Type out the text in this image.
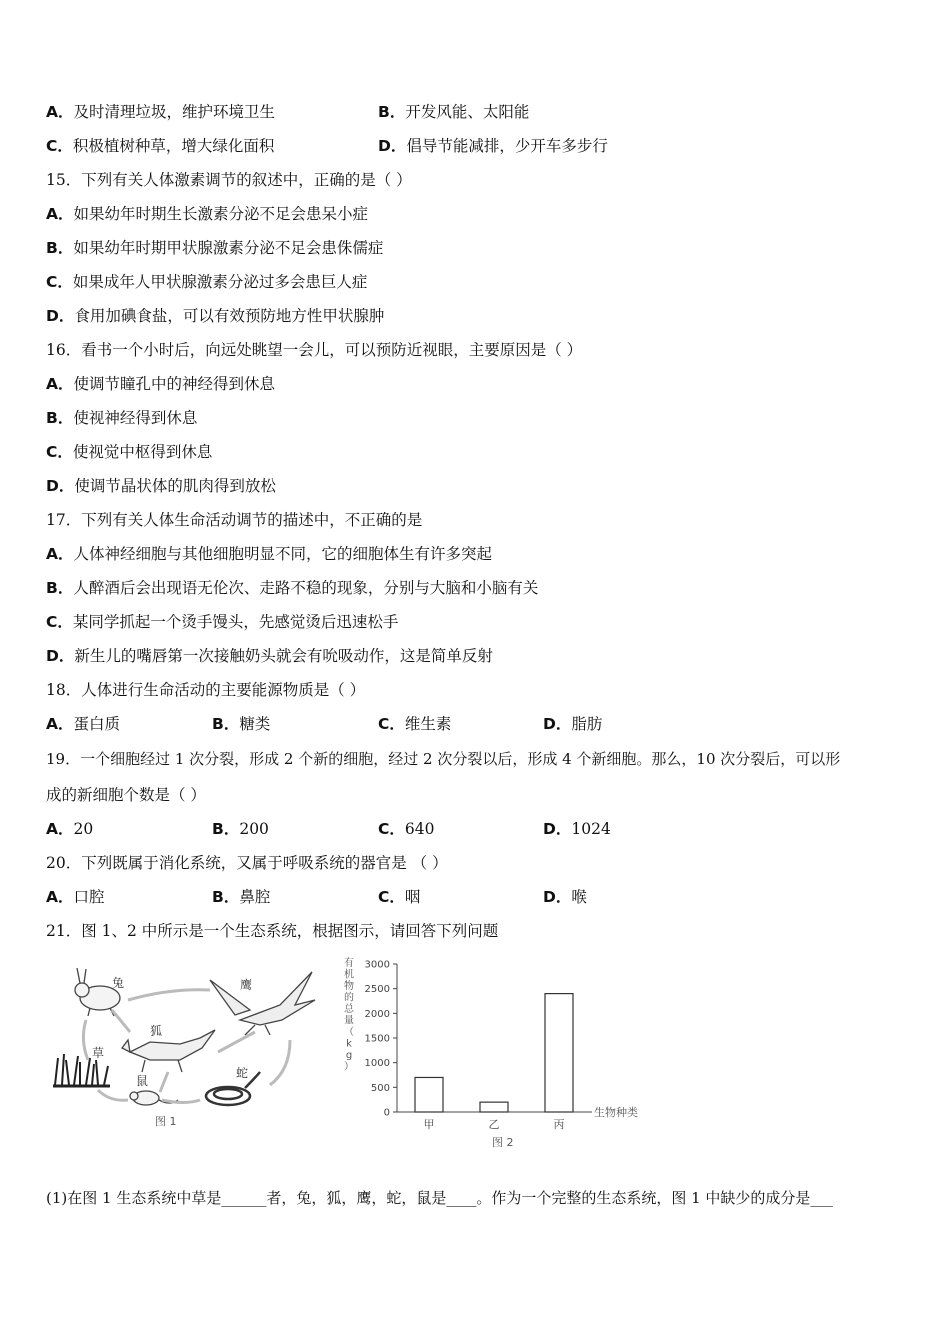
A．及时清理垃圾，维护环境卫生	B．开发风能、太阳能
C．积极植树种草，增大绿化面积	D．倡导节能减排，少开车多步行
15．下列有关人体激素调节的叙述中，正确的是（ ）
A．如果幼年时期生长激素分泌不足会患呆小症
B．如果幼年时期甲状腺激素分泌不足会患侏儒症
C．如果成年人甲状腺激素分泌过多会患巨人症
D．食用加碘食盐，可以有效预防地方性甲状腺肿
16．看书一个小时后，向远处眺望一会儿，可以预防近视眼，主要原因是（ ）
A．使调节瞳孔中的神经得到休息
B．使视神经得到休息
C．使视觉中枢得到休息
D．使调节晶状体的肌肉得到放松
17．下列有关人体生命活动调节的描述中，不正确的是
A．人体神经细胞与其他细胞明显不同，它的细胞体生有许多突起
B．人醉酒后会出现语无伦次、走路不稳的现象，分别与大脑和小脑有关
C．某同学抓起一个烫手馒头，先感觉烫后迅速松手
D．新生儿的嘴唇第一次接触奶头就会有吮吸动作，这是简单反射
18．人体进行生命活动的主要能源物质是（ ）
A．蛋白质	B．糖类	C．维生素	D．脂肪
19．一个细胞经过 1 次分裂，形成 2 个新的细胞，经过 2 次分裂以后，形成 4 个新细胞。那么，10 次分裂后，可以形
成的新细胞个数是（ ）
A．20	B．200	C．640	D．1024
20．下列既属于消化系统，又属于呼吸系统的器官是 （ ）
A．口腔	B．鼻腔	C．咽	D．喉
21．图 1、2 中所示是一个生态系统，根据图示，请回答下列问题
兔	鹰
狐
草
鼠
蛇
图 1
有
机
物
的
总
量
（
k
g
）
0
500
1000
1500
2000
2500
3000
甲	乙	丙
生物种类
图 2
(1)在图 1 生态系统中草是______者，兔，狐，鹰，蛇，鼠是____。作为一个完整的生态系统，图 1 中缺少的成分是___
